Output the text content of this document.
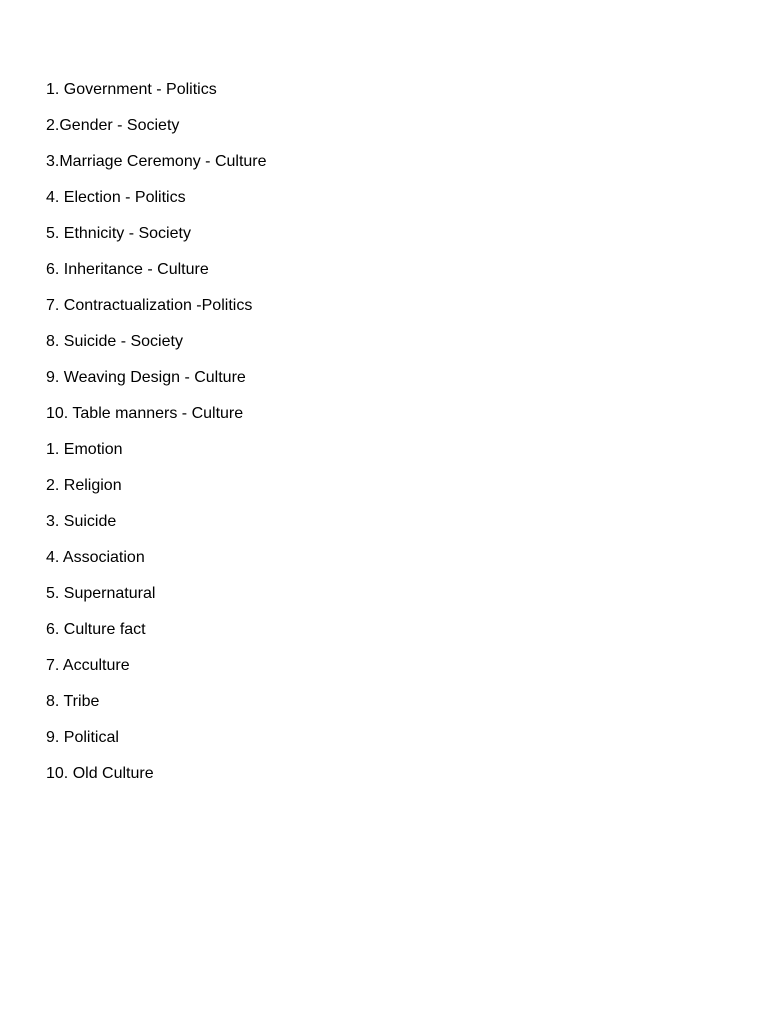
1. Government - Politics
2.Gender - Society
3.Marriage Ceremony - Culture
4. Election - Politics
5. Ethnicity - Society
6. Inheritance - Culture
7. Contractualization -Politics
8. Suicide - Society
9. Weaving Design - Culture
10. Table manners - Culture
1. Emotion
2. Religion
3. Suicide
4. Association
5. Supernatural
6. Culture fact
7. Acculture
8. Tribe
9. Political
10. Old Culture
